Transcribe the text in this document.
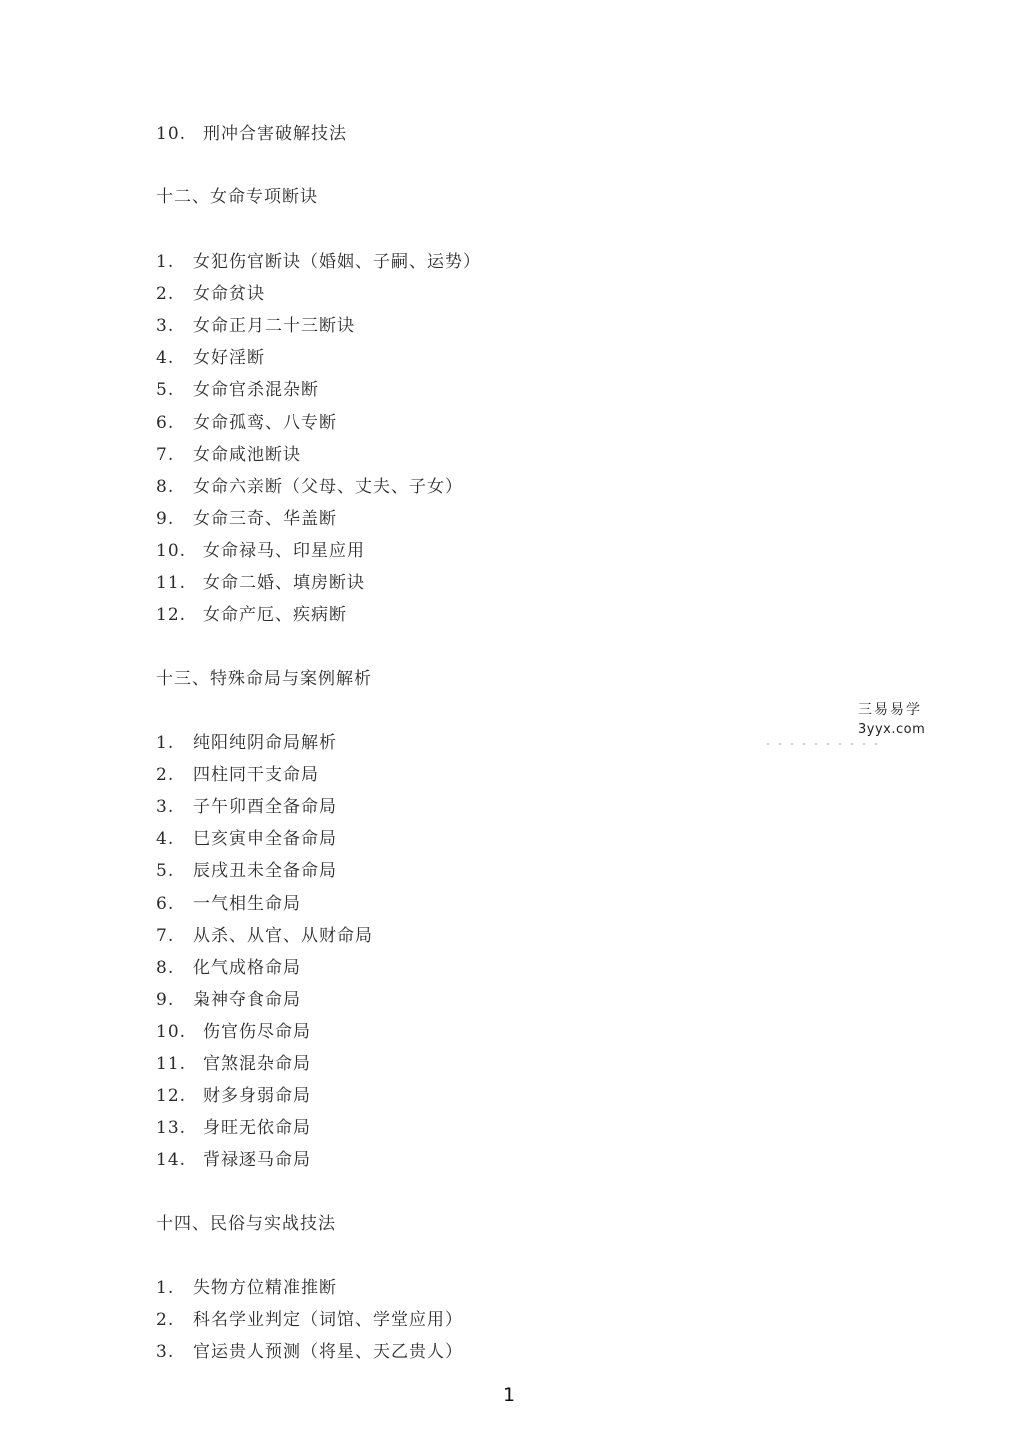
10. 刑冲合害破解技法
十二、女命专项断诀
1. 女犯伤官断诀（婚姻、子嗣、运势）
2. 女命贫诀
3. 女命正月二十三断诀
4. 女好淫断
5. 女命官杀混杂断
6. 女命孤鸾、八专断
7. 女命咸池断诀
8. 女命六亲断（父母、丈夫、子女）
9. 女命三奇、华盖断
10. 女命禄马、印星应用
11. 女命二婚、填房断诀
12. 女命产厄、疾病断
十三、特殊命局与案例解析
1. 纯阳纯阴命局解析
2. 四柱同干支命局
3. 子午卯酉全备命局
4. 巳亥寅申全备命局
5. 辰戌丑未全备命局
6. 一气相生命局
7. 从杀、从官、从财命局
8. 化气成格命局
9. 枭神夺食命局
10. 伤官伤尽命局
11. 官煞混杂命局
12. 财多身弱命局
13. 身旺无依命局
14. 背禄逐马命局
十四、民俗与实战技法
1. 失物方位精准推断
2. 科名学业判定（词馆、学堂应用）
3. 官运贵人预测（将星、天乙贵人）
三易易学
3yyx.com
1
